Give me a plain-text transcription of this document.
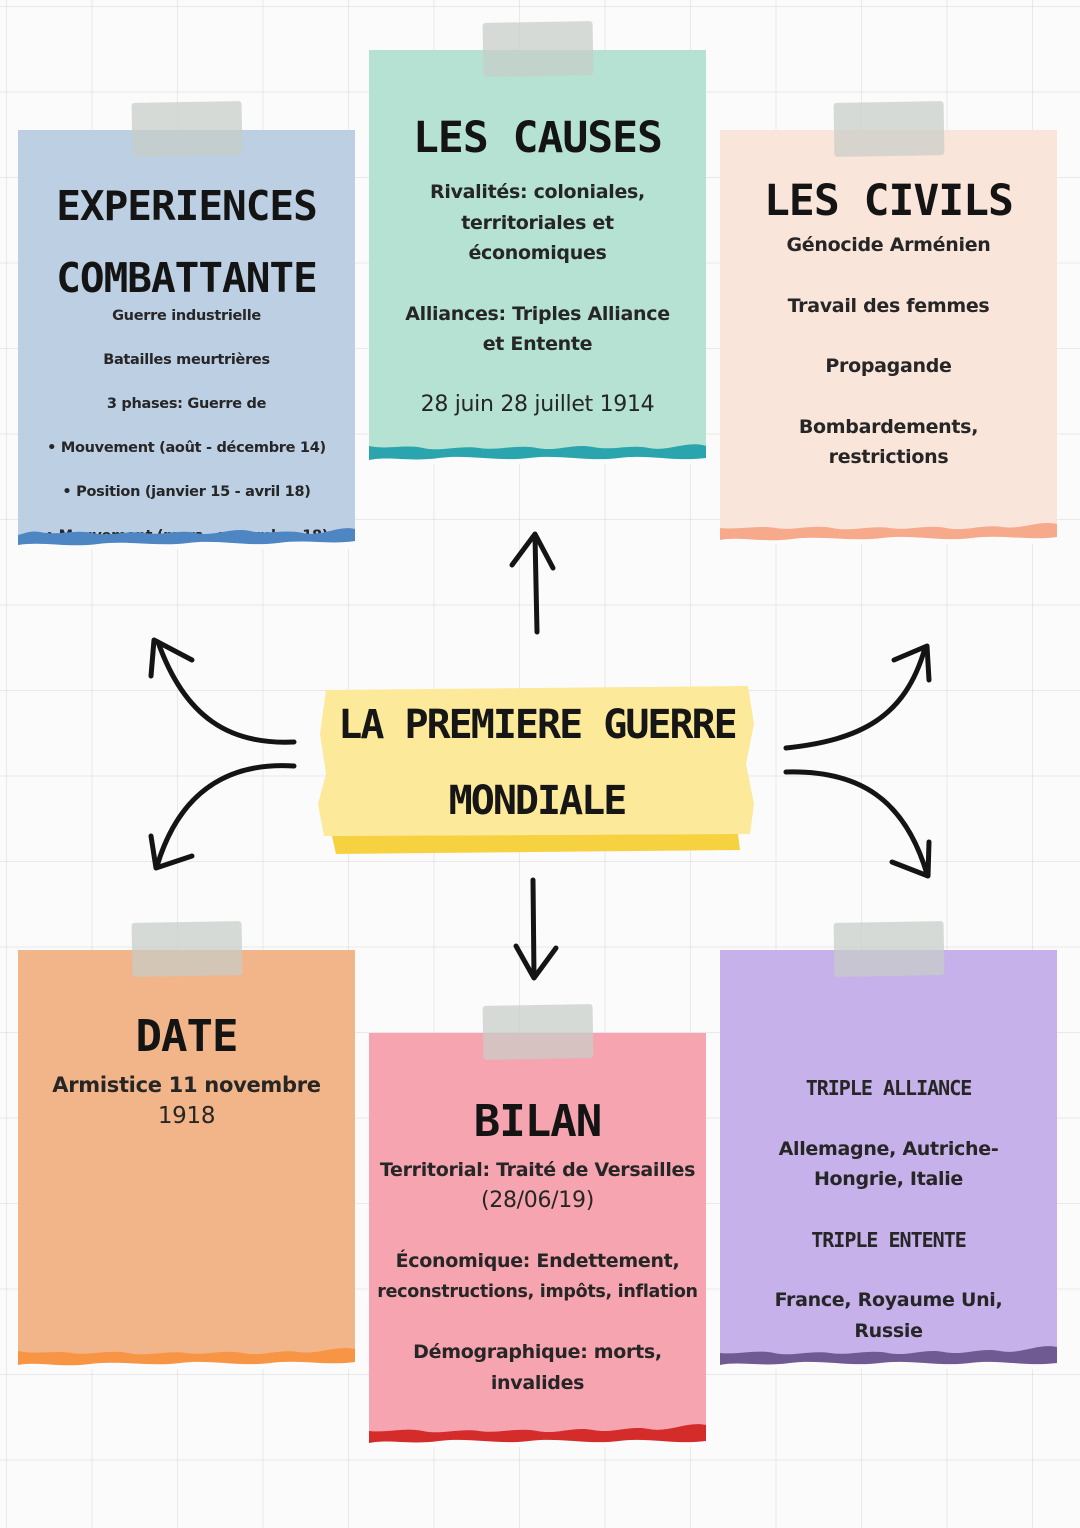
EXPERIENCES
COMBATTANTE
Guerre industrielle
Batailles meurtrières
3 phases: Guerre de
• Mouvement (août - décembre 14)
• Position (janvier 15 - avril 18)
LES CAUSES
Rivalités: coloniales,
territoriales et
économiques
Alliances: Triples Alliance
et Entente
28 juin 28 juillet 1914
LES CIVILS
Génocide Arménien
Travail des femmes
Propagande
Bombardements,
restrictions
LA PREMIERE GUERRE
MONDIALE
DATE
Armistice 11 novembre
1918	BILAN
Territorial: Traité de Versailles
(28/06/19)
Économique: Endettement,
reconstructions, impôts, inflation
Démographique: morts, invalides
TRIPLE ALLIANCE
Allemagne, Autriche-
Hongrie, Italie
TRIPLE ENTENTE
France, Royaume Uni,
Russie
